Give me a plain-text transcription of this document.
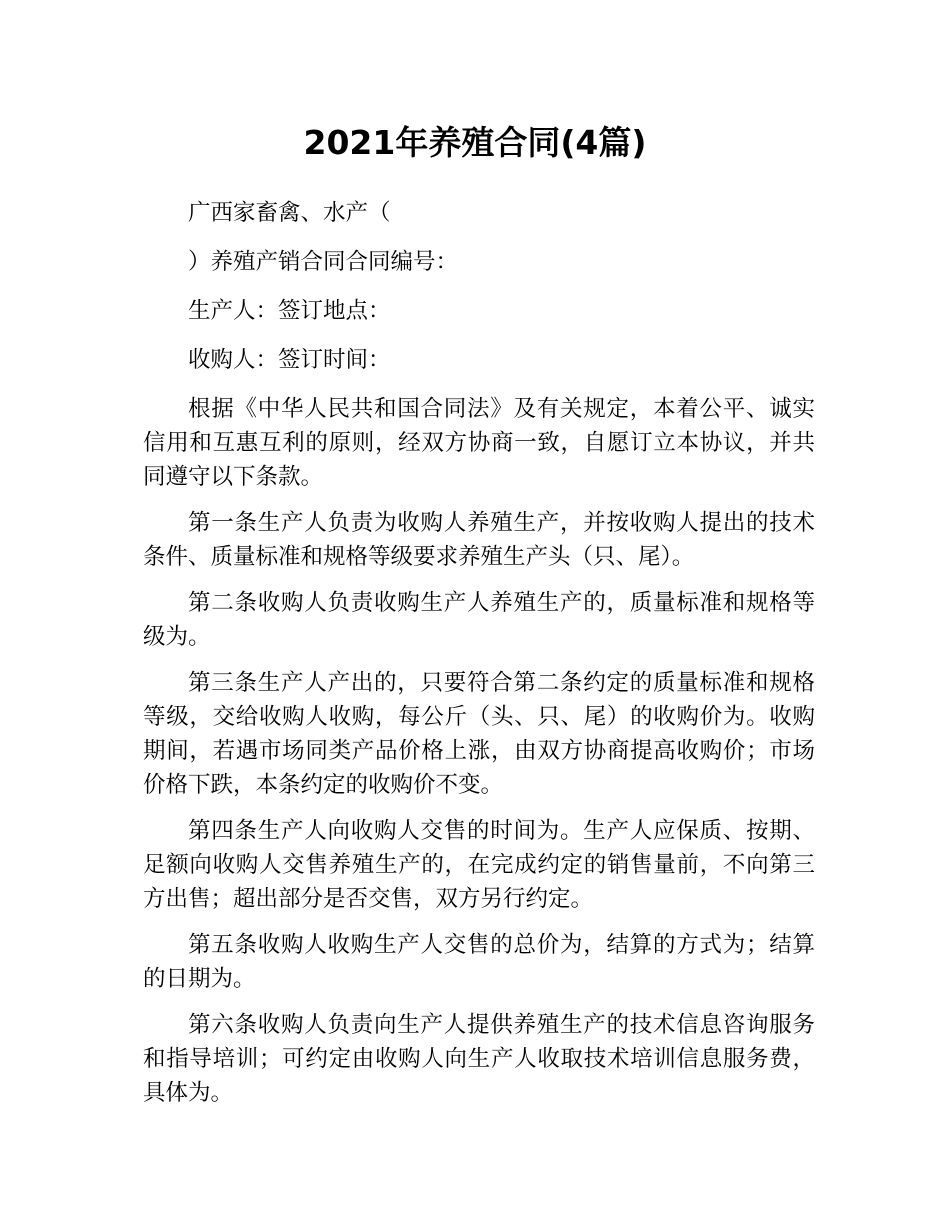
2021年养殖合同(4篇)

广西家畜禽、水产（

）养殖产销合同合同编号：

生产人：签订地点：

收购人：签订时间：

根据《中华人民共和国合同法》及有关规定，本着公平、诚实信用和互惠互利的原则，经双方协商一致，自愿订立本协议，并共同遵守以下条款。

第一条生产人负责为收购人养殖生产，并按收购人提出的技术条件、质量标准和规格等级要求养殖生产头（只、尾）。

第二条收购人负责收购生产人养殖生产的，质量标准和规格等级为。

第三条生产人产出的，只要符合第二条约定的质量标准和规格等级，交给收购人收购，每公斤（头、只、尾）的收购价为。收购期间，若遇市场同类产品价格上涨，由双方协商提高收购价；市场价格下跌，本条约定的收购价不变。

第四条生产人向收购人交售的时间为。生产人应保质、按期、足额向收购人交售养殖生产的，在完成约定的销售量前，不向第三方出售；超出部分是否交售，双方另行约定。

第五条收购人收购生产人交售的总价为，结算的方式为；结算的日期为。

第六条收购人负责向生产人提供养殖生产的技术信息咨询服务和指导培训；可约定由收购人向生产人收取技术培训信息服务费，具体为。
